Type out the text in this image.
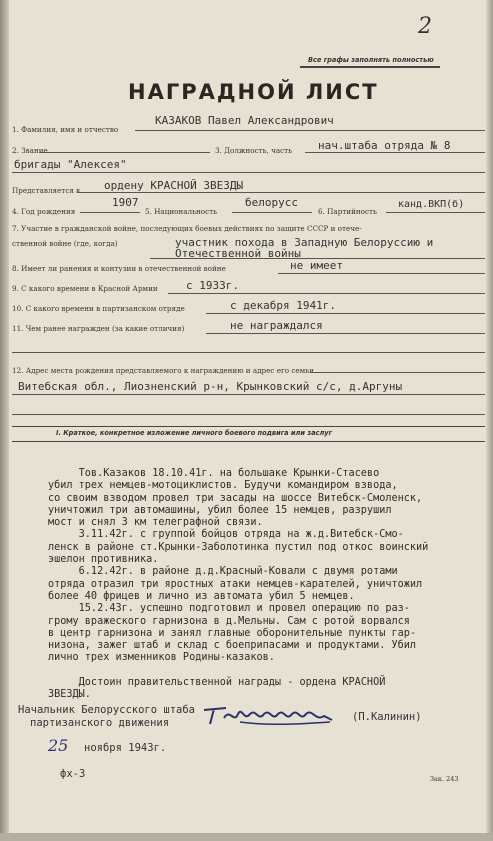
Все графы заполнять полностью
2
НАГРАДНОЙ ЛИСТ
1. Фамилия, имя и отчество
КАЗАКОВ Павел Александрович
2. Звание	3. Должность, часть нач.штаба отряда № 8
бригады "Алексея"
Представляется к ордену КРАСНОЙ ЗВЕЗДЫ
4. Год рождения
1907
5. Национальность
белорусс
6. Партийность
канд.ВКП(б)
7. Участие в гражданской войне, последующих боевых действиях по защите СССР и отече-
ственной войне (где, когда)	участник похода в Западную Белоруссию и
Отечественной войны
8. Имеет ли ранения и контузии в отечественной войне	не имеет
9. С какого времени в Красной Армии	с 1933г.
10. С какого времени в партизанском отряде	с декабря 1941г.
11. Чем ранее награжден (за какие отличия)	не награждался
12. Адрес места рождения представляемого к награждению и адрес его семьи
Витебская обл., Лиозненский р-н, Крынковский с/с, д.Аргуны
I. Краткое, конкретное изложение личного боевого подвига или заслуг
Тов.Казаков 18.10.41г. на большаке Крынки-Стасево
убил трех немцев-мотоциклистов. Будучи командиром взвода,
со своим взводом провел три засады на шоссе Витебск-Смоленск,
уничтожил три автомашины, убил более 15 немцев, разрушил
мост и снял 3 км телеграфной связи.
3.11.42г. с группой бойцов отряда на ж.д.Витебск-Смо-
ленск в районе ст.Крынки-Заболотинка пустил под откос воинский
эшелон противника.
6.12.42г. в районе д.д.Красный-Ковали с двумя ротами
отряда отразил три яростных атаки немцев-карателей, уничтожил
более 40 фрицев и лично из автомата убил 5 немцев.
15.2.43г. успешно подготовил и провел операцию по раз-
грому вражеского гарнизона в д.Мельны. Сам с ротой ворвался
в центр гарнизона и занял главные оборонительные пункты гар-
низона, зажег штаб и склад с боеприпасами и продуктами. Убил
лично трех изменников Родины-казаков.

Достоин правительственной награды - ордена КРАСНОЙ
ЗВЕЗДЫ.
Начальник Белорусского штаба
партизанского движения	(П.Калинин)
25 ноября 1943г.
фх-3	Зак. 243
